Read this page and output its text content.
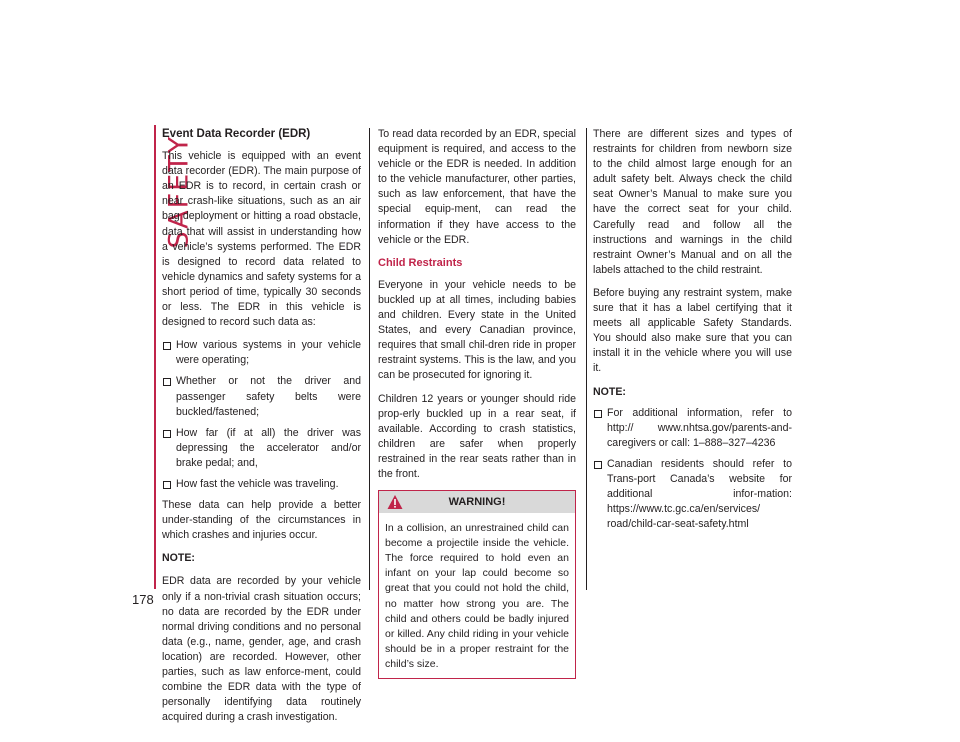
SAFETY
178
Event Data Recorder (EDR)

This vehicle is equipped with an event data recorder (EDR). The main purpose of an EDR is to record, in certain crash or near crash-like situations, such as an air bag deployment or hitting a road obstacle, data that will assist in understanding how a vehicle’s systems performed. The EDR is designed to record data related to vehicle dynamics and safety systems for a short period of time, typically 30 seconds or less. The EDR in this vehicle is designed to record such data as:

How various systems in your vehicle were operating;
Whether or not the driver and passenger safety belts were buckled/fastened;
How far (if at all) the driver was depressing the accelerator and/or brake pedal; and,
How fast the vehicle was traveling.

These data can help provide a better under-standing of the circumstances in which crashes and injuries occur.

NOTE:

EDR data are recorded by your vehicle only if a non-trivial crash situation occurs; no data are recorded by the EDR under normal driving conditions and no personal data (e.g., name, gender, age, and crash location) are recorded. However, other parties, such as law enforce-ment, could combine the EDR data with the type of personally identifying data routinely acquired during a crash investigation.

To read data recorded by an EDR, special equipment is required, and access to the vehicle or the EDR is needed. In addition to the vehicle manufacturer, other parties, such as law enforcement, that have the special equip-ment, can read the information if they have access to the vehicle or the EDR.

Child Restraints

Everyone in your vehicle needs to be buckled up at all times, including babies and children. Every state in the United States, and every Canadian province, requires that small chil-dren ride in proper restraint systems. This is the law, and you can be prosecuted for ignoring it.

Children 12 years or younger should ride prop-erly buckled up in a rear seat, if available. According to crash statistics, children are safer when properly restrained in the rear seats rather than in the front.

WARNING!
In a collision, an unrestrained child can become a projectile inside the vehicle. The force required to hold even an infant on your lap could become so great that you could not hold the child, no matter how strong you are. The child and others could be badly injured or killed. Any child riding in your vehicle should be in a proper restraint for the child’s size.

There are different sizes and types of restraints for children from newborn size to the child almost large enough for an adult safety belt. Always check the child seat Owner’s Manual to make sure you have the correct seat for your child. Carefully read and follow all the instructions and warnings in the child restraint Owner’s Manual and on all the labels attached to the child restraint.

Before buying any restraint system, make sure that it has a label certifying that it meets all applicable Safety Standards. You should also make sure that you can install it in the vehicle where you will use it.

NOTE:

For additional information, refer to http:// www.nhtsa.gov/parents-and-caregivers or call: 1–888–327–4236
Canadian residents should refer to Trans-port Canada’s website for additional infor-mation: https://www.tc.gc.ca/en/services/ road/child-car-seat-safety.html
